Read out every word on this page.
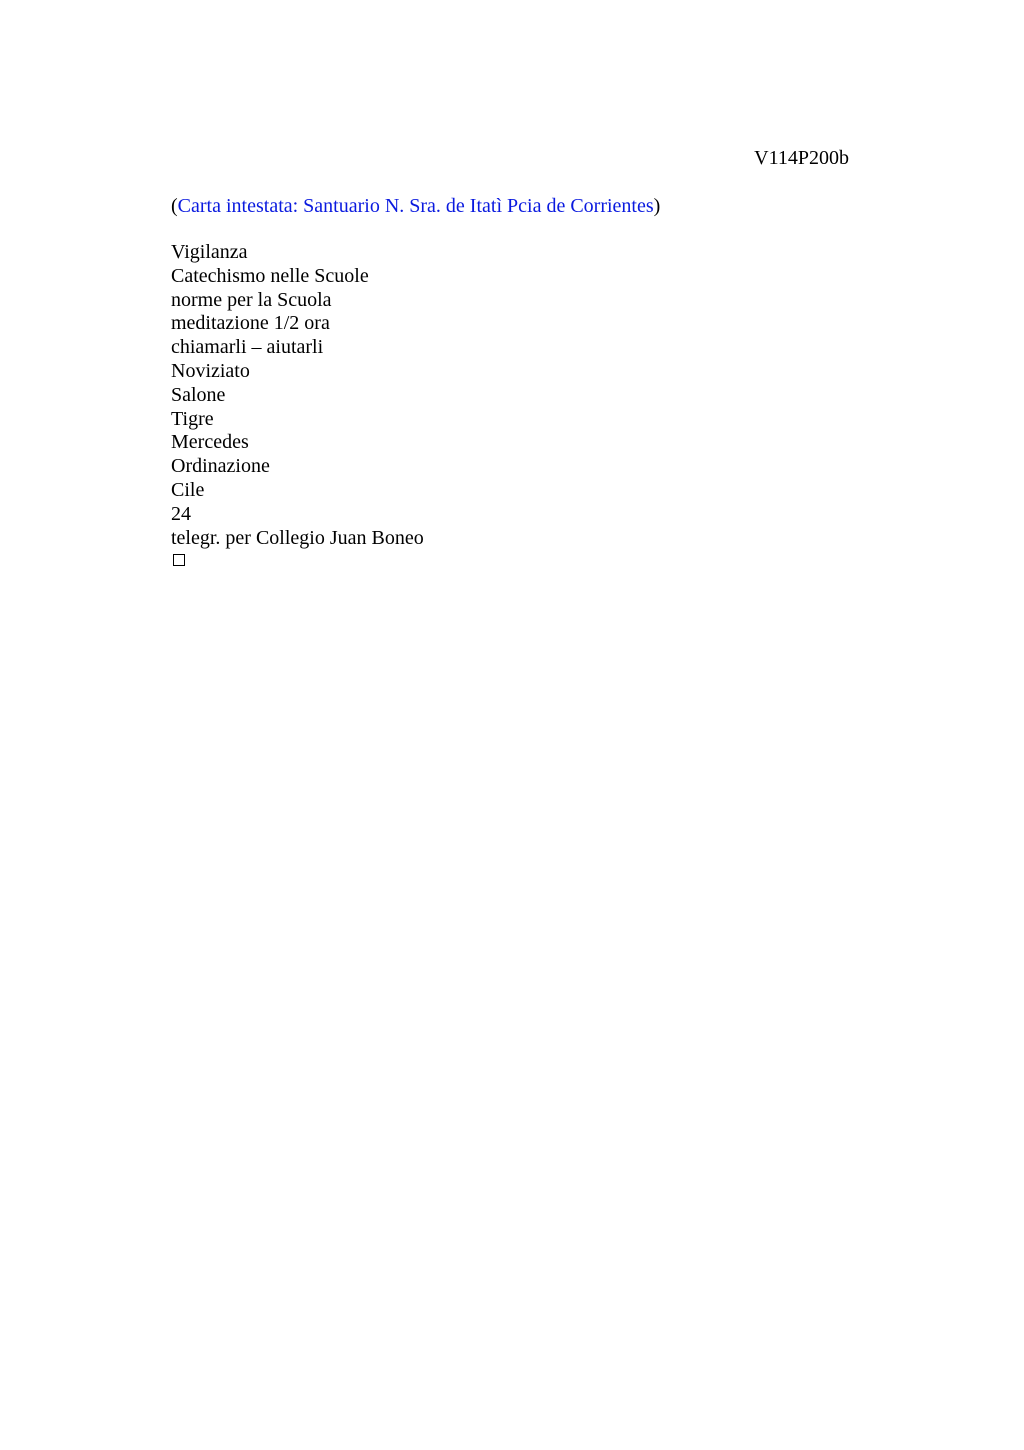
V114P200b
(Carta intestata: Santuario N. Sra. de Itatì Pcia de Corrientes)
Vigilanza
Catechismo nelle Scuole
norme per la Scuola
meditazione 1/2 ora
chiamarli – aiutarli
Noviziato
Salone
Tigre
Mercedes
Ordinazione
Cile
24
telegr. per Collegio Juan Boneo
